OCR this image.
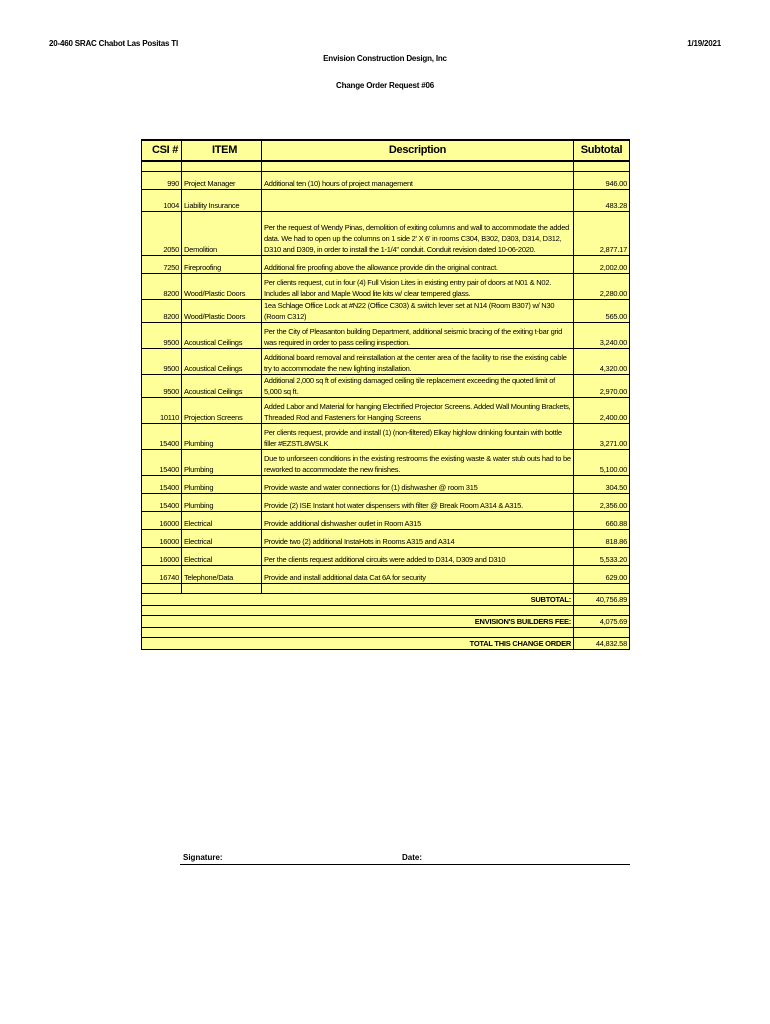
20-460 SRAC Chabot Las Positas TI	1/19/2021
Envision Construction Design, Inc
Change Order Request #06
CSI #	ITEM	Description	Subtotal

990	Project Manager	Additional ten (10) hours of project management	946.00
1004	Liability Insurance		483.28
2050	Demolition	Per the request of Wendy Pinas, demolition of exiting columns and wall to accommodate the added data. We had to open up the columns on 1 side 2' X 6' in rooms C304, B302, D303, D314, D312, D310 and D309, in order to install the 1-1/4" conduit. Conduit revision dated 10-06-2020.	2,877.17
7250	Fireproofing	Additional fire proofing above the allowance provide din the original contract.	2,002.00
8200	Wood/Plastic Doors	Per clients request, cut in four (4) Full Vision Lites in existing entry pair of doors at N01 & N02. Includes all labor and Maple Wood lite kits w/ clear tempered glass.	2,280.00
8200	Wood/Plastic Doors	1ea Schlage Office Lock at #N22 (Office C303) & switch lever set at N14 (Room B307) w/ N30 (Room C312)	565.00
9500	Acoustical Ceilings	Per the City of Pleasanton building Department, additional seismic bracing of the exiting t-bar grid was required in order to pass ceiling inspection.	3,240.00
9500	Acoustical Ceilings	Additional board removal and reinstallation at the center area of the facility to rise the existing cable try to accommodate the new lighting installation.	4,320.00
9500	Acoustical Ceilings	Additional 2,000 sq ft of existing damaged ceiling tile replacement exceeding the quoted limit of 5,000 sq ft.	2,970.00
10110	Projection Screens	Added Labor and Material for hanging Electrified Projector Screens. Added Wall Mounting Brackets, Threaded Rod and Fasteners for Hanging Screens	2,400.00
15400	Plumbing	Per clients request, provide and install (1) (non-filtered) Elkay highlow drinking fountain with bottle filler #EZSTL8WSLK	3,271.00
15400	Plumbing	Due to unforseen conditions in the existing restrooms the existing waste & water stub outs had to be reworked to accommodate the new finishes.	5,100.00
15400	Plumbing	Provide waste and water connections for (1) dishwasher @ room 315	304.50
15400	Plumbing	Provide (2) ISE Instant hot water dispensers with filter @ Break Room A314 & A315.	2,356.00
16000	Electrical	Provide additional dishwasher outlet in Room A315	660.88
16000	Electrical	Provide two (2) additional InstaHots in Rooms A315 and A314	818.86
16000	Electrical	Per the clients request additional circuits were added to D314, D309 and D310	5,533.20
16740	Telephone/Data	Provide and install additional data Cat 6A for security	629.00

SUBTOTAL:			40,756.89

ENVISION'S BUILDERS FEE:			4,075.69

TOTAL THIS CHANGE ORDER			44,832.58
Signature:	Date:
